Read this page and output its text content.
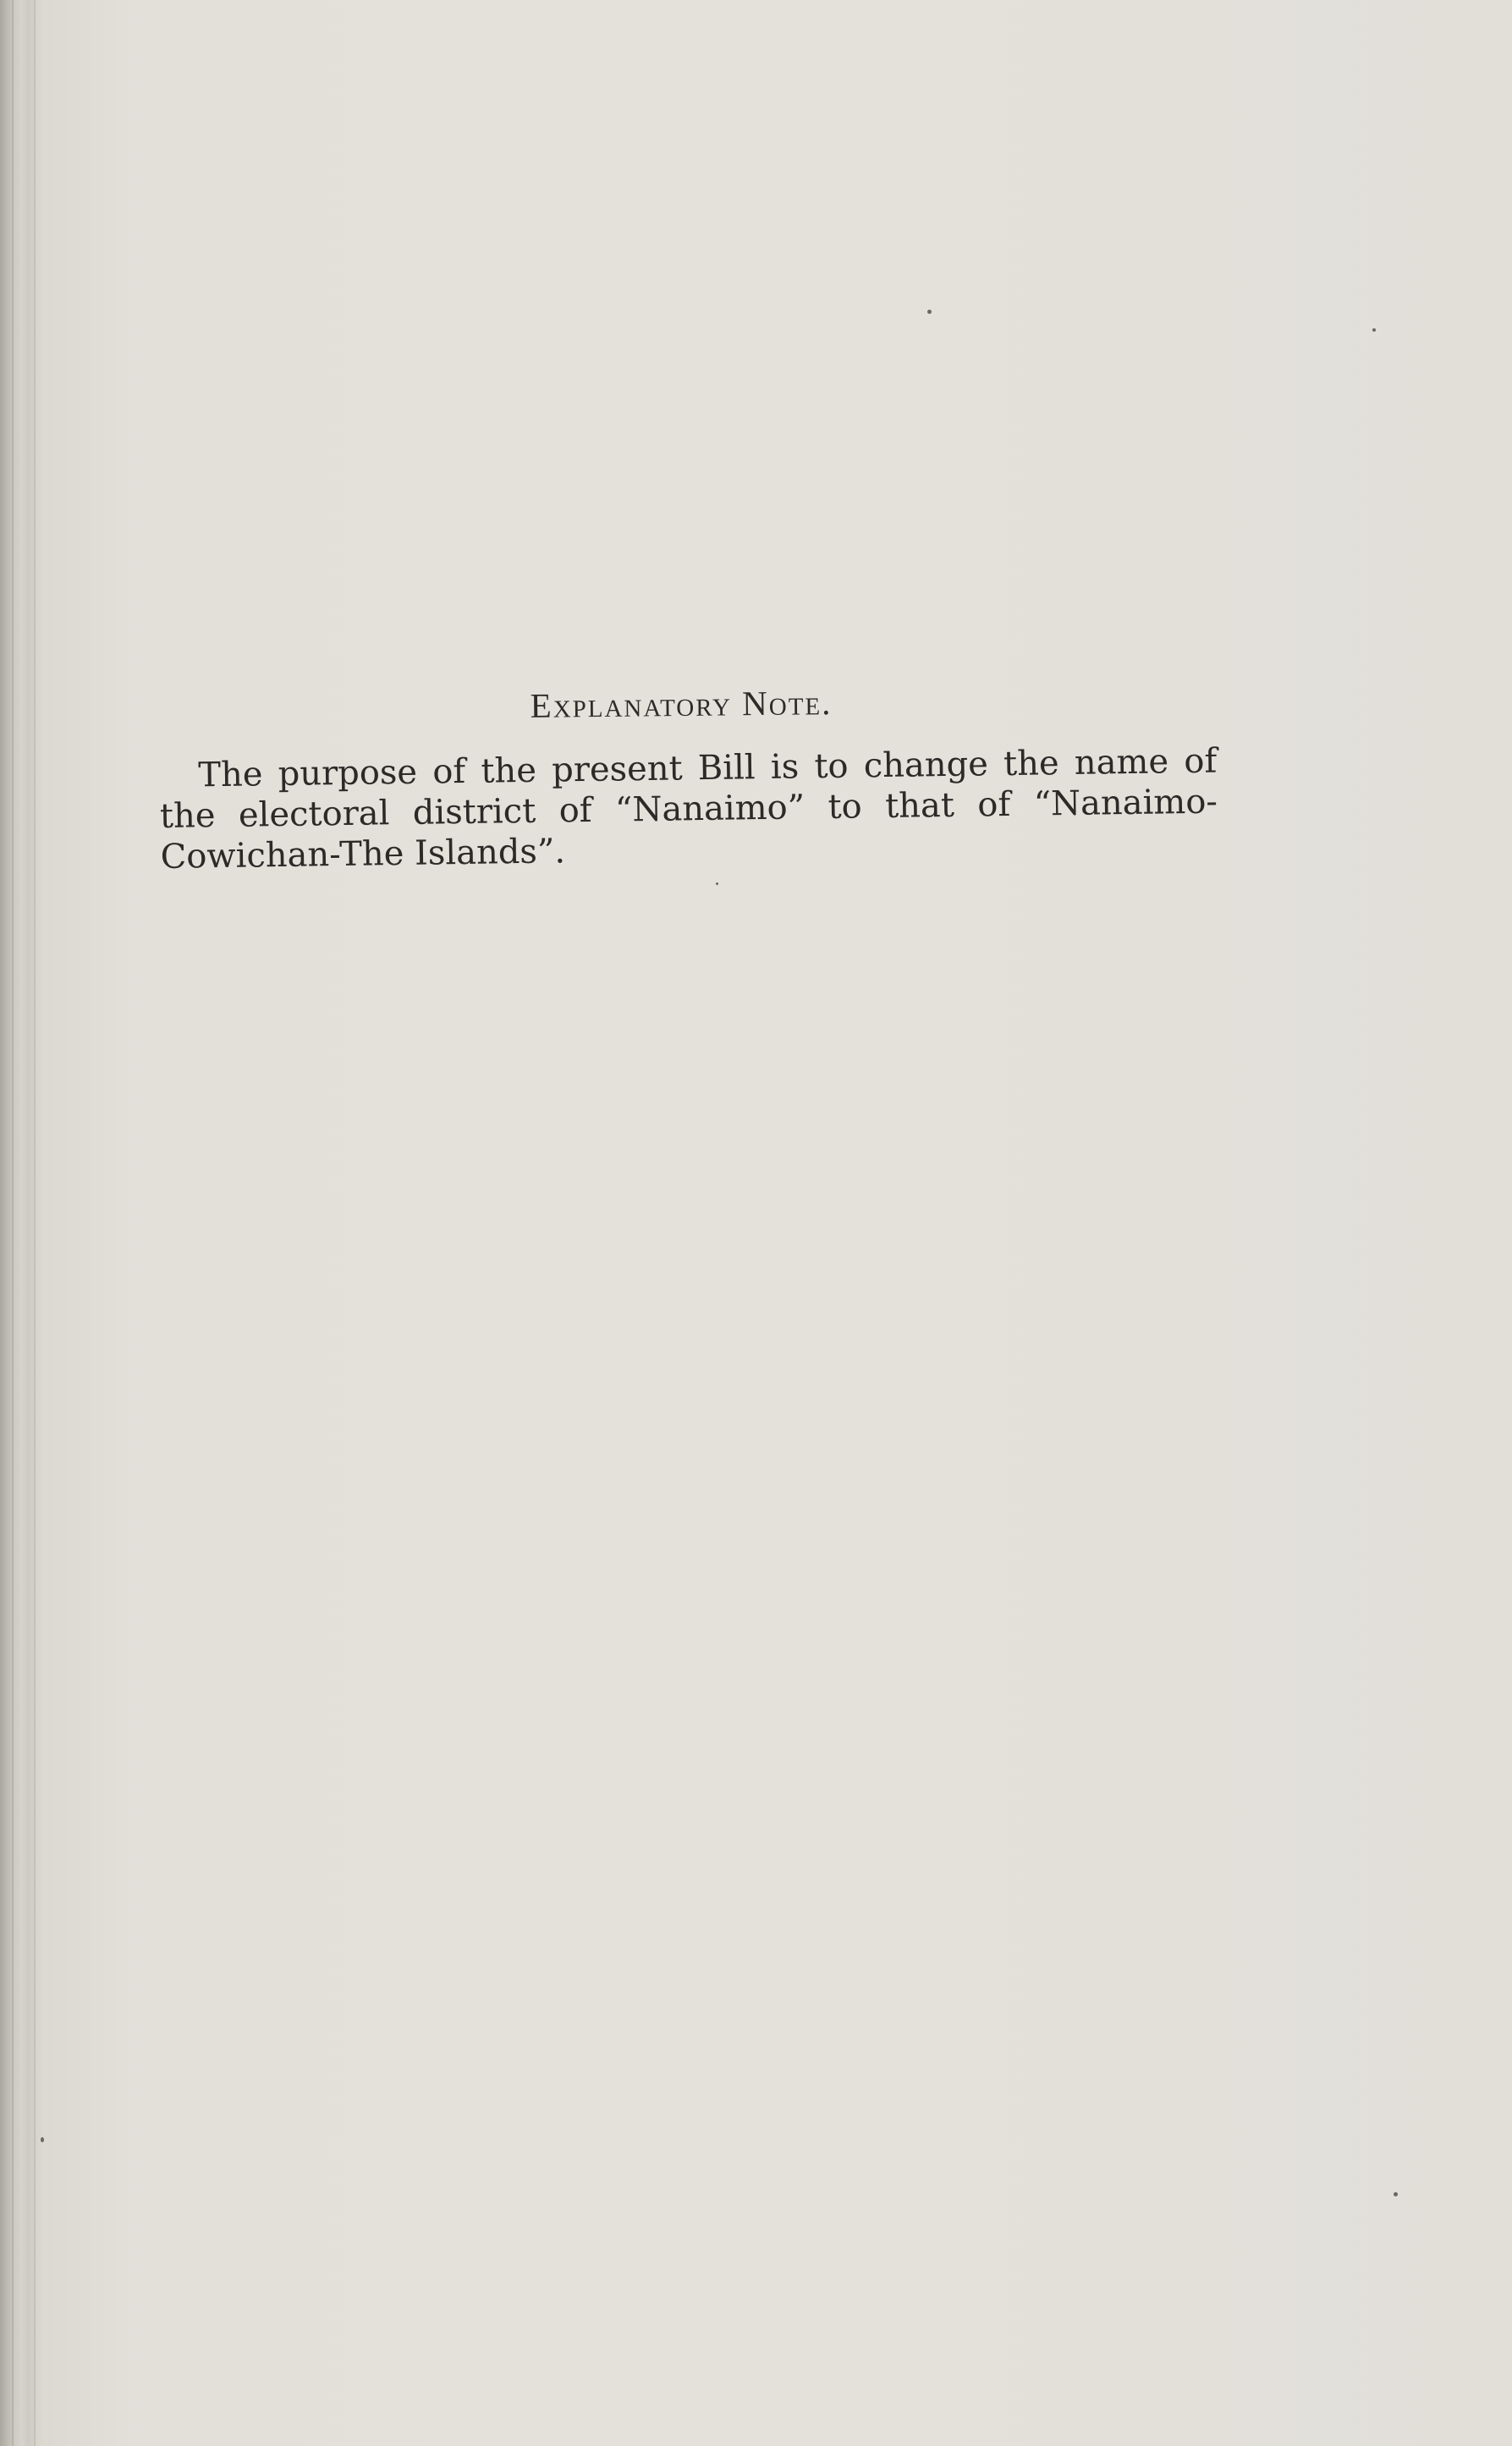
Explanatory Note.
The purpose of the present Bill is to change the name of the electoral district of “Nanaimo” to that of “Nanaimo-Cowichan-The Islands”.
